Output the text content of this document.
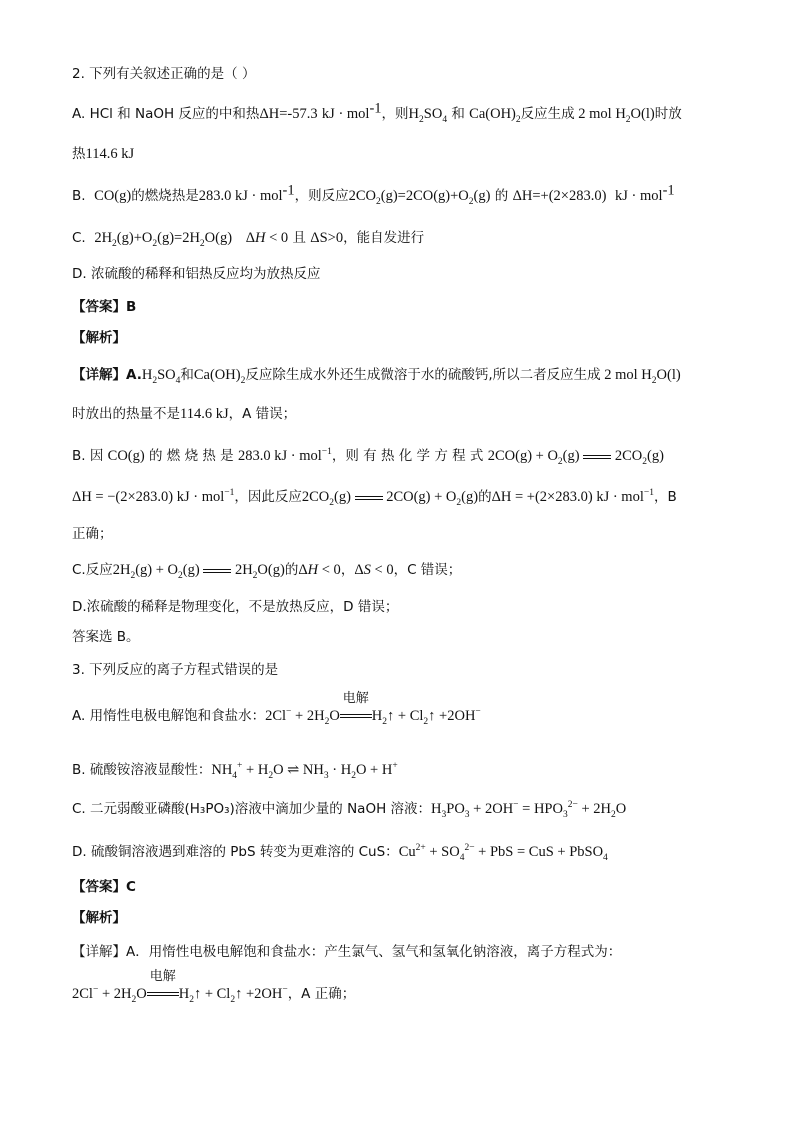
2. 下列有关叙述正确的是（ ）
A. HCl 和 NaOH 反应的中和热ΔH=-57.3 kJ · mol$^{-1}$，则$H_2SO_4$ 和 $Ca(OH)_2$反应生成 2 mol $H_2O(l)$时放
热114.6 kJ
B. CO(g)的燃烧热是283.0 kJ · mol$^{-1}$，则反应$2CO_2(g)=2CO(g)+O_2(g)$ 的 ΔH=+(2×283.0) kJ · mol$^{-1}$
C. $2H_2(g)+O_2(g)=2H_2O(g) \Delta H < 0$ 且 ΔS>0，能自发进行
D. 浓硫酸的稀释和铝热反应均为放热反应
【答案】B
【解析】
【详解】$A.H_2SO_4$和$Ca(OH)_2$反应除生成水外还生成微溶于水的硫酸钙,所以二者反应生成 2 mol $H_2O(l)$
时放出的热量不是114.6 kJ，A 错误；
B. 因 CO(g) 的 燃 烧 热 是 283.0 kJ · mol$^{-1}$，则 有 热 化 学 方 程 式 $2CO(g) + O_2(g)$  $2CO_2(g)$
ΔH = −(2×283.0) kJ · mol$^{-1}$，因此反应$2CO_2(g) 2CO(g) + O_2(g)$的ΔH = +(2×283.0) kJ · mol$^{-1}$，B
正确；
C.反应$2H_2(g) + O_2(g)$  $2H_2O(g)$的ΔH < 0，ΔS < 0，C 错误；
D.浓硫酸的稀释是物理变化，不是放热反应，D 错误；
答案选 B。
3. 下列反应的离子方程式错误的是
A. 用惰性电极电解饱和食盐水：$2Cl^- + 2H_2O$
电解
$H_2↑$ + $Cl_2↑ +2OH^-$
B. 硫酸铵溶液显酸性：$NH_4^+ + H_2O$ ⇌ $NH_3 \cdot H_2O + H^+$
C. 二元弱酸亚磷酸(H₃PO₃)溶液中滴加少量的 NaOH 溶液：$H_3PO_3 + 2OH^- = HPO_3^{2-} + 2H_2O$
D. 硫酸铜溶液遇到难溶的 PbS 转变为更难溶的 CuS：$Cu^{2+} + SO_4^{2-}$ + PbS = CuS + PbSO$_4$
【答案】C
【解析】
【详解】A．用惰性电极电解饱和食盐水：产生氯气、氢气和氢氧化钠溶液，离子方程式为：
$2Cl^- + 2H_2O$
电解
$H_2↑$ + $Cl_2↑ +2OH^-$，A 正确；
